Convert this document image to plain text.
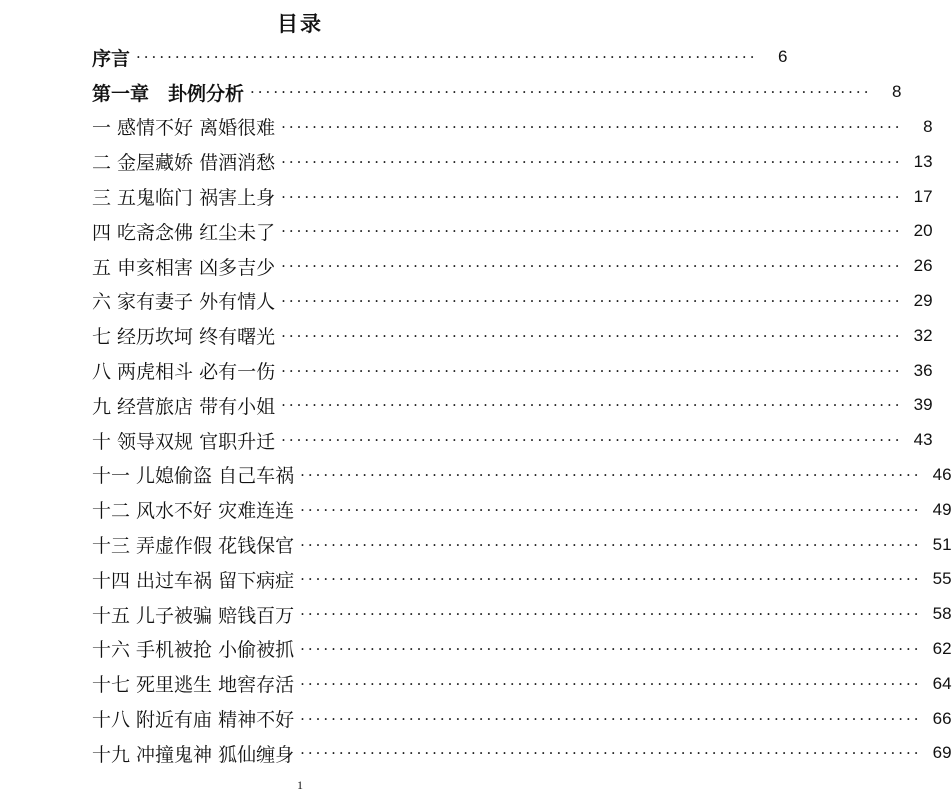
目录
序言 ················································································	6
第一章　卦例分析 ················································································	8
一 感情不好 离婚很难 ················································································	8
二 金屋藏娇 借酒消愁 ················································································ 13
三 五鬼临门 祸害上身 ················································································ 17
四 吃斋念佛 红尘未了 ················································································ 20
五 申亥相害 凶多吉少 ················································································ 26
六 家有妻子 外有情人 ················································································ 29
七 经历坎坷 终有曙光 ················································································ 32
八 两虎相斗 必有一伤 ················································································ 36
九 经营旅店 带有小姐 ················································································ 39
十 领导双规 官职升迁 ················································································ 43
十一 儿媳偷盗 自己车祸 ················································································ 46
十二 风水不好 灾难连连 ················································································ 49
十三 弄虚作假 花钱保官 ················································································ 51
十四 出过车祸 留下病症 ················································································ 55
十五 儿子被骗 赔钱百万 ················································································ 58
十六 手机被抢 小偷被抓 ················································································ 62
十七 死里逃生 地窖存活 ················································································ 64
十八 附近有庙 精神不好 ················································································ 66
十九 冲撞鬼神 狐仙缠身 ················································································ 69
1
